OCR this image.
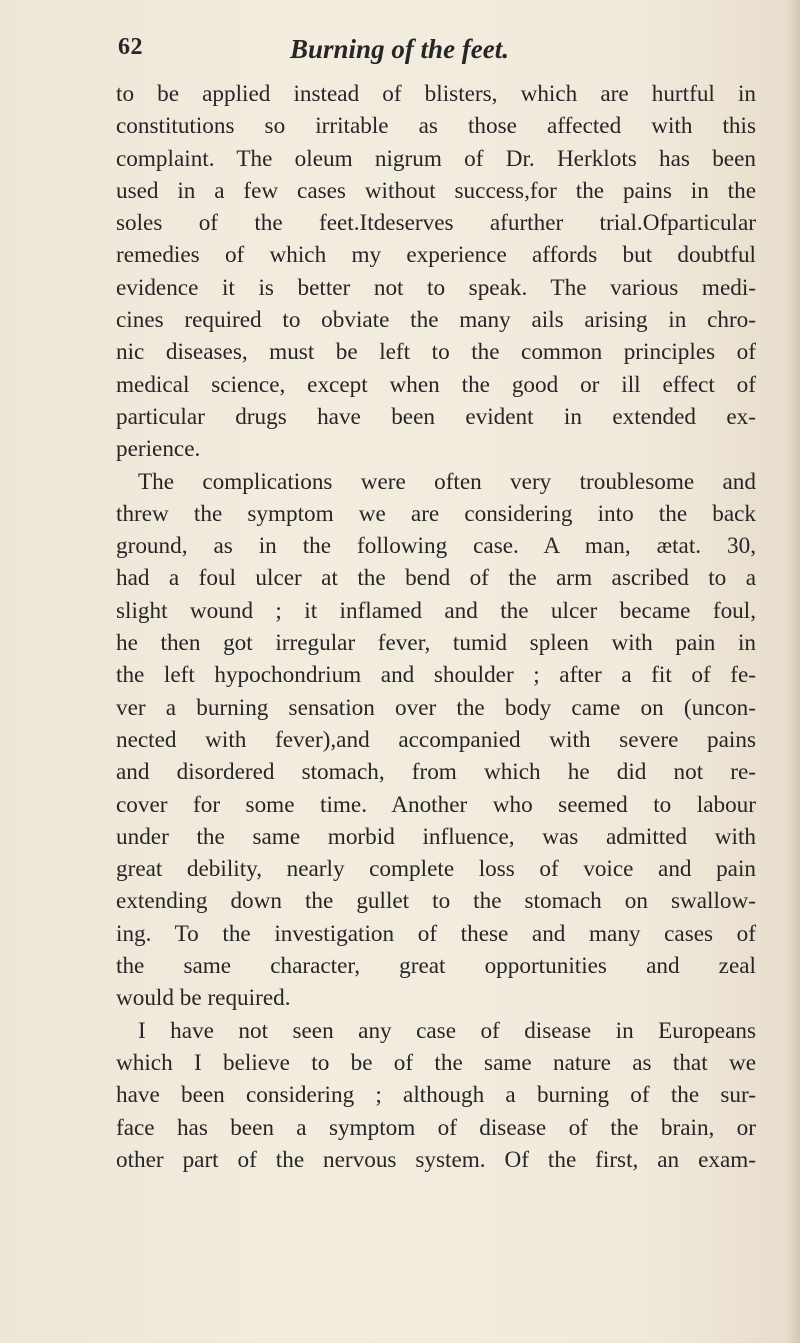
62	Burning of the feet.
to be applied instead of blisters, which are hurtful in
constitutions so irritable as those affected with this
complaint. The oleum nigrum of Dr. Herklots has been
used in a few cases without success,for the pains in the
soles of the feet.Itdeserves afurther trial.Ofparticular
remedies of which my experience affords but doubtful
evidence it is better not to speak. The various medi-
cines required to obviate the many ails arising in chro-
nic diseases, must be left to the common principles of
medical science, except when the good or ill effect of
particular drugs have been evident in extended ex-
perience.
The complications were often very troublesome and
threw the symptom we are considering into the back
ground, as in the following case. A man, ætat. 30,
had a foul ulcer at the bend of the arm ascribed to a
slight wound ; it inflamed and the ulcer became foul,
he then got irregular fever, tumid spleen with pain in
the left hypochondrium and shoulder ; after a fit of fe-
ver a burning sensation over the body came on (uncon-
nected with fever),and accompanied with severe pains
and disordered stomach, from which he did not re-
cover for some time. Another who seemed to labour
under the same morbid influence, was admitted with
great debility, nearly complete loss of voice and pain
extending down the gullet to the stomach on swallow-
ing. To the investigation of these and many cases of
the same character, great opportunities and zeal
would be required.
I have not seen any case of disease in Europeans
which I believe to be of the same nature as that we
have been considering ; although a burning of the sur-
face has been a symptom of disease of the brain, or
other part of the nervous system. Of the first, an exam-
